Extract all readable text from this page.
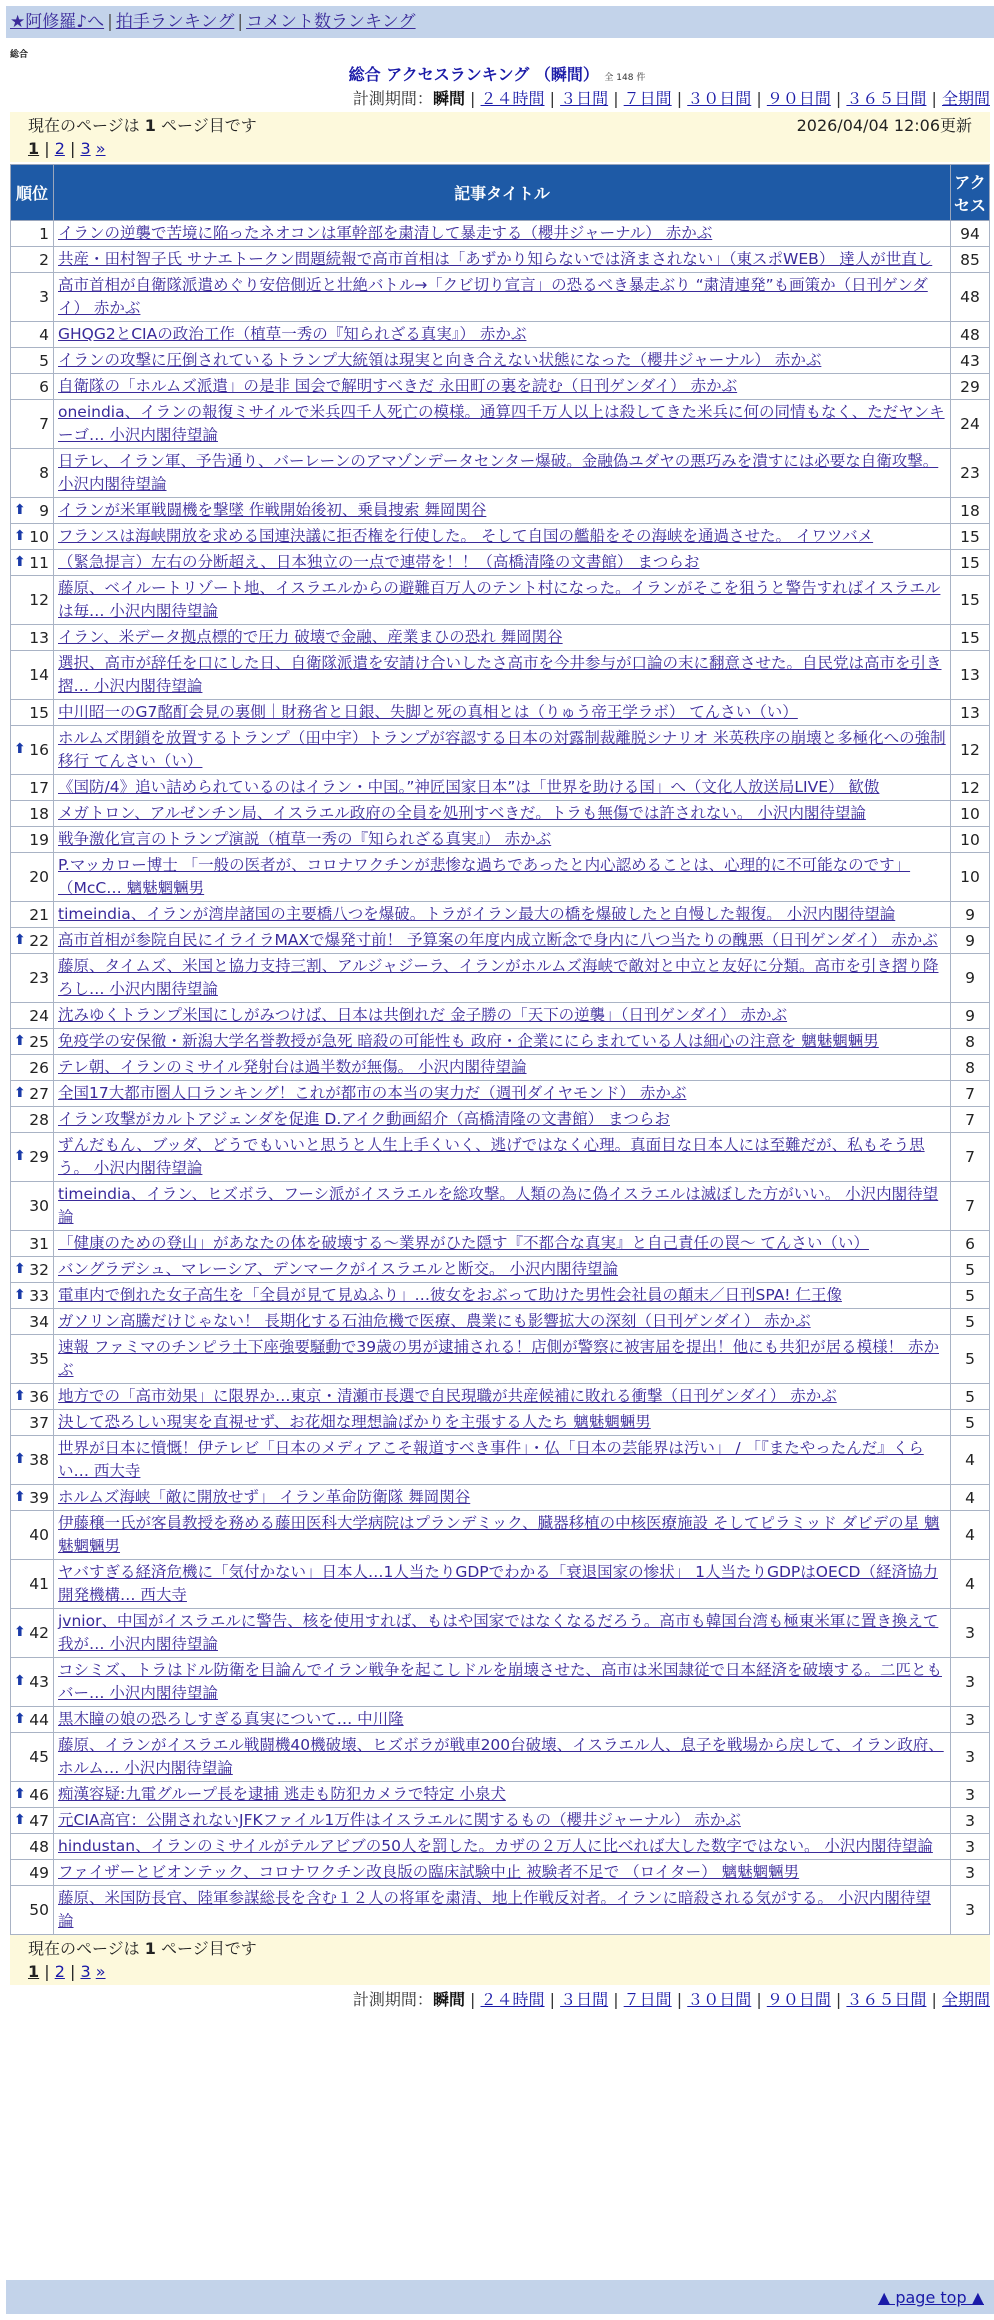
★阿修羅♪へ | 拍手ランキング | コメント数ランキング
総合
総合 アクセスランキング （瞬間） 全 148 件
計測期間：瞬間 | ２４時間 | ３日間 | ７日間 | ３０日間 | ９０日間 | ３６５日間 | 全期間
現在のページは 1 ページ目です	2026/04/04 12:06更新
1 | 2 | 3 »
順位	記事タイトル	アクセス
1	イランの逆襲で苦境に陥ったネオコンは軍幹部を粛清して暴走する（櫻井ジャーナル） 赤かぶ	94
2	共産・田村智子氏 サナエトークン問題続報で高市首相は「あずかり知らないでは済まされない」（東スポWEB） 達人が世直し	85
3	高市首相が自衛隊派遣めぐり安倍側近と壮絶バトル→「クビ切り宣言」の恐るべき暴走ぶり “粛清連発”も画策か（日刊ゲンダイ） 赤かぶ	48
4	GHQG2とCIAの政治工作（植草一秀の『知られざる真実』） 赤かぶ	48
5	イランの攻撃に圧倒されているトランプ大統領は現実と向き合えない状態になった（櫻井ジャーナル） 赤かぶ	43
6	自衛隊の「ホルムズ派遣」の是非 国会で解明すべきだ 永田町の裏を読む（日刊ゲンダイ） 赤かぶ	29
7	oneindia、イランの報復ミサイルで米兵四千人死亡の模様。通算四千万人以上は殺してきた米兵に何の同情もなく、ただヤンキーゴ… 小沢内閣待望論	24
8	日テレ、イラン軍、予告通り、バーレーンのアマゾンデータセンター爆破。金融偽ユダヤの悪巧みを潰すには必要な自衛攻撃。 小沢内閣待望論	23

⬆ 9	イランが米軍戦闘機を撃墜 作戦開始後初、乗員捜索 舞岡関谷	18

⬆ 10	フランスは海峡開放を求める国連決議に拒否権を行使した。 そして自国の艦船をその海峡を通過させた。 イワツバメ	15

⬆ 11	（緊急提言）左右の分断超え、日本独立の一点で連帯を！！（高橋清隆の文書館） まつらお	15
12	藤原、ベイルートリゾート地、イスラエルからの避難百万人のテント村になった。イランがそこを狙うと警告すればイスラエルは毎… 小沢内閣待望論	15
13	イラン、米データ拠点標的で圧力 破壊で金融、産業まひの恐れ 舞岡関谷	15
14	選択、高市が辞任を口にした日、自衛隊派遣を安請け合いしたさ高市を今井参与が口論の末に翻意させた。自民党は高市を引き摺… 小沢内閣待望論	13
15	中川昭一のG7酩酊会見の裏側｜財務省と日銀、失脚と死の真相とは（りゅう帝王学ラボ） てんさい（い）	13

⬆ 16	ホルムズ閉鎖を放置するトランプ（田中宇）トランプが容認する日本の対露制裁離脱シナリオ 米英秩序の崩壊と多極化への強制移行 てんさい（い）	12
17	《国防/4》追い詰められているのはイラン・中国。”神匠国家日本”は「世界を助ける国」へ（文化人放送局LIVE） 歓傲	12
18	メガトロン、アルゼンチン局、イスラエル政府の全員を処刑すべきだ。トラも無傷では許されない。 小沢内閣待望論	10
19	戦争激化宣言のトランプ演説（植草一秀の『知られざる真実』） 赤かぶ	10
20	P.マッカロー博士 「一般の医者が、コロナワクチンが悲惨な過ちであったと内心認めることは、心理的に不可能なのです」（McC… 魑魅魍魎男	10
21	timeindia、イランが湾岸諸国の主要橋八つを爆破。トラがイラン最大の橋を爆破したと自慢した報復。 小沢内閣待望論	9

⬆ 22	高市首相が参院自民にイライラMAXで爆発寸前！ 予算案の年度内成立断念で身内に八つ当たりの醜悪（日刊ゲンダイ） 赤かぶ	9
23	藤原、タイムズ、米国と協力支持三割、アルジャジーラ、イランがホルムズ海峡で敵対と中立と友好に分類。高市を引き摺り降ろし… 小沢内閣待望論	9
24	沈みゆくトランプ米国にしがみつけば、日本は共倒れだ 金子勝の「天下の逆襲」（日刊ゲンダイ） 赤かぶ	9

⬆ 25	免疫学の安保徹・新潟大学名誉教授が急死 暗殺の可能性も 政府・企業ににらまれている人は細心の注意を 魑魅魍魎男	8
26	テレ朝、イランのミサイル発射台は過半数が無傷。 小沢内閣待望論	8

⬆ 27	全国17大都市圏人口ランキング！これが都市の本当の実力だ（週刊ダイヤモンド） 赤かぶ	7
28	イラン攻撃がカルトアジェンダを促進 D.アイク動画紹介（高橋清隆の文書館） まつらお	7

⬆ 29	ずんだもん、ブッダ、どうでもいいと思うと人生上手くいく、逃げではなく心理。真面目な日本人には至難だが、私もそう思う。 小沢内閣待望論	7
30	timeindia、イラン、ヒズボラ、フーシ派がイスラエルを総攻撃。人類の為に偽イスラエルは滅ぼした方がいい。 小沢内閣待望論	7
31	「健康のための登山」があなたの体を破壊する〜業界がひた隠す『不都合な真実』と自己責任の罠〜 てんさい（い）	6

⬆ 32	バングラデシュ、マレーシア、デンマークがイスラエルと断交。 小沢内閣待望論	5

⬆ 33	電車内で倒れた女子高生を「全員が見て見ぬふり」…彼女をおぶって助けた男性会社員の顛末／日刊SPA! 仁王像	5
34	ガソリン高騰だけじゃない！ 長期化する石油危機で医療、農業にも影響拡大の深刻（日刊ゲンダイ） 赤かぶ	5
35	速報 ファミマのチンピラ土下座強要騒動で39歳の男が逮捕される！店側が警察に被害届を提出！他にも共犯が居る模様！ 赤かぶ	5

⬆ 36	地方での「高市効果」に限界か…東京・清瀬市長選で自民現職が共産候補に敗れる衝撃（日刊ゲンダイ） 赤かぶ	5
37	決して恐ろしい現実を直視せず、お花畑な理想論ばかりを主張する人たち 魑魅魍魎男	5

⬆ 38	世界が日本に憤慨！伊テレビ「日本のメディアこそ報道すべき事件」・仏「日本の芸能界は汚い」 / 「『またやったんだ』くらい… 西大寺	4

⬆ 39	ホルムズ海峡「敵に開放せず」 イラン革命防衛隊 舞岡関谷	4
40	伊藤穣一氏が客員教授を務める藤田医科大学病院はプランデミック、臓器移植の中核医療施設 そしてピラミッド ダビデの星 魑魅魍魎男	4
41	ヤバすぎる経済危機に「気付かない」日本人…1人当たりGDPでわかる「衰退国家の惨状」 1人当たりGDPはOECD（経済協力開発機構… 西大寺	4

⬆ 42	jvnior、中国がイスラエルに警告、核を使用すれば、もはや国家ではなくなるだろう。高市も韓国台湾も極東米軍に置き換えて我が… 小沢内閣待望論	3

⬆ 43	コシミズ、トラはドル防衛を目論んでイラン戦争を起こしドルを崩壊させた、高市は米国隷従で日本経済を破壊する。二匹ともバー… 小沢内閣待望論	3

⬆ 44	黒木瞳の娘の恐ろしすぎる真実について… 中川隆	3
45	藤原、イランがイスラエル戦闘機40機破壊、ヒズボラが戦車200台破壊、イスラエル人、息子を戦場から戻して、イラン政府、ホルム… 小沢内閣待望論	3

⬆ 46	痴漢容疑:九電グループ長を逮捕 逃走も防犯カメラで特定 小泉犬	3

⬆ 47	元CIA高官：公開されないJFKファイル1万件はイスラエルに関するもの（櫻井ジャーナル） 赤かぶ	3
48	hindustan、イランのミサイルがテルアビブの50人を罰した。カザの２万人に比べれば大した数字ではない。 小沢内閣待望論	3
49	ファイザーとビオンテック、コロナワクチン改良版の臨床試験中止 被験者不足で （ロイター） 魑魅魍魎男	3
50	藤原、米国防長官、陸軍参謀総長を含む１２人の将軍を粛清、地上作戦反対者。イランに暗殺される気がする。 小沢内閣待望論	3
現在のページは 1 ページ目です
1 | 2 | 3 »
計測期間：瞬間 | ２４時間 | ３日間 | ７日間 | ３０日間 | ９０日間 | ３６５日間 | 全期間
▲ page top ▲
